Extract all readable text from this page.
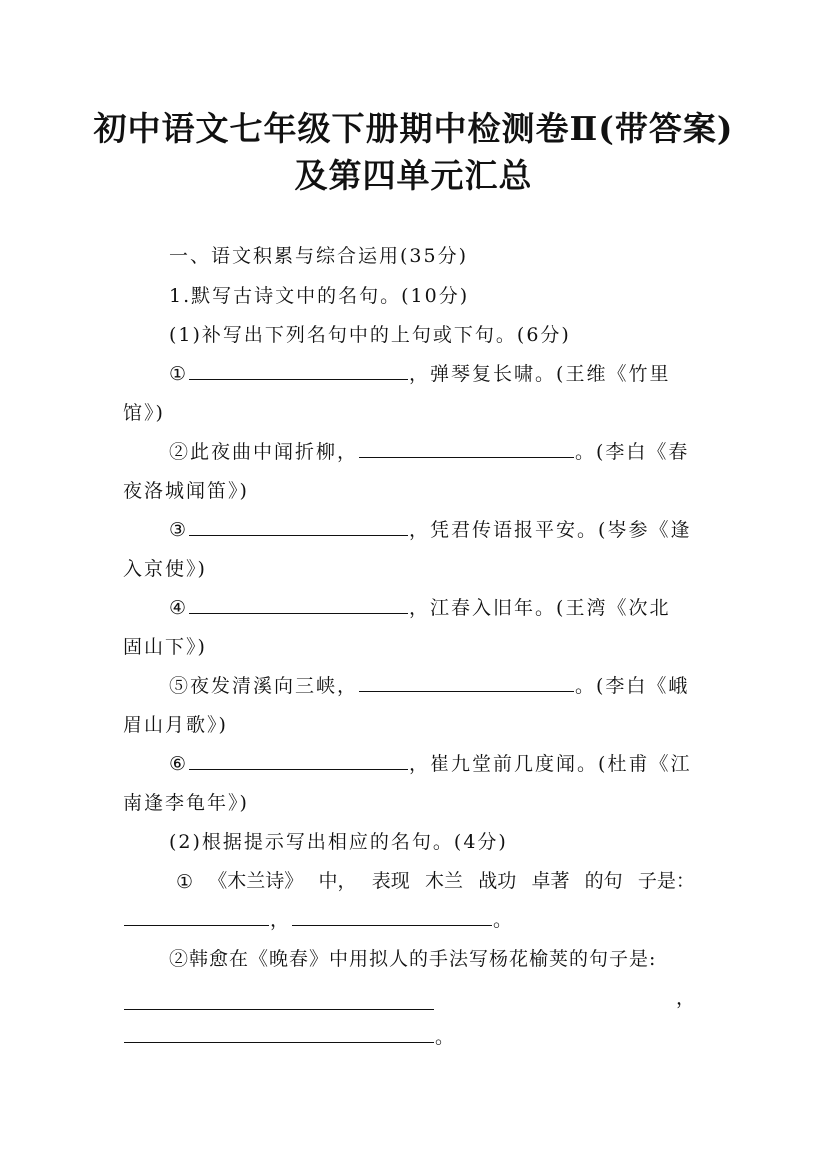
初中语文七年级下册期中检测卷Ⅱ(带答案)
及第四单元汇总
一、语文积累与综合运用(35分)
1.默写古诗文中的名句。(10分)
(1)补写出下列名句中的上句或下句。(6分)
①	，弹琴复长啸。(王维《竹里
馆》)
②此夜曲中闻折柳，	。(李白《春
夜洛城闻笛》)
③	，凭君传语报平安。(岑参《逢
入京使》)
④	，江春入旧年。(王湾《次北
固山下》)
⑤夜发清溪向三峡，	。(李白《峨
眉山月歌》)
⑥	，崔九堂前几度闻。(杜甫《江
南逢李龟年》)
(2)根据提示写出相应的名句。(4分)
① 《木兰诗》 中， 表现 木兰 战功 卓著 的句 子是：
，	。
②韩愈在《晚春》中用拟人的手法写杨花榆荚的句子是:
，
。
